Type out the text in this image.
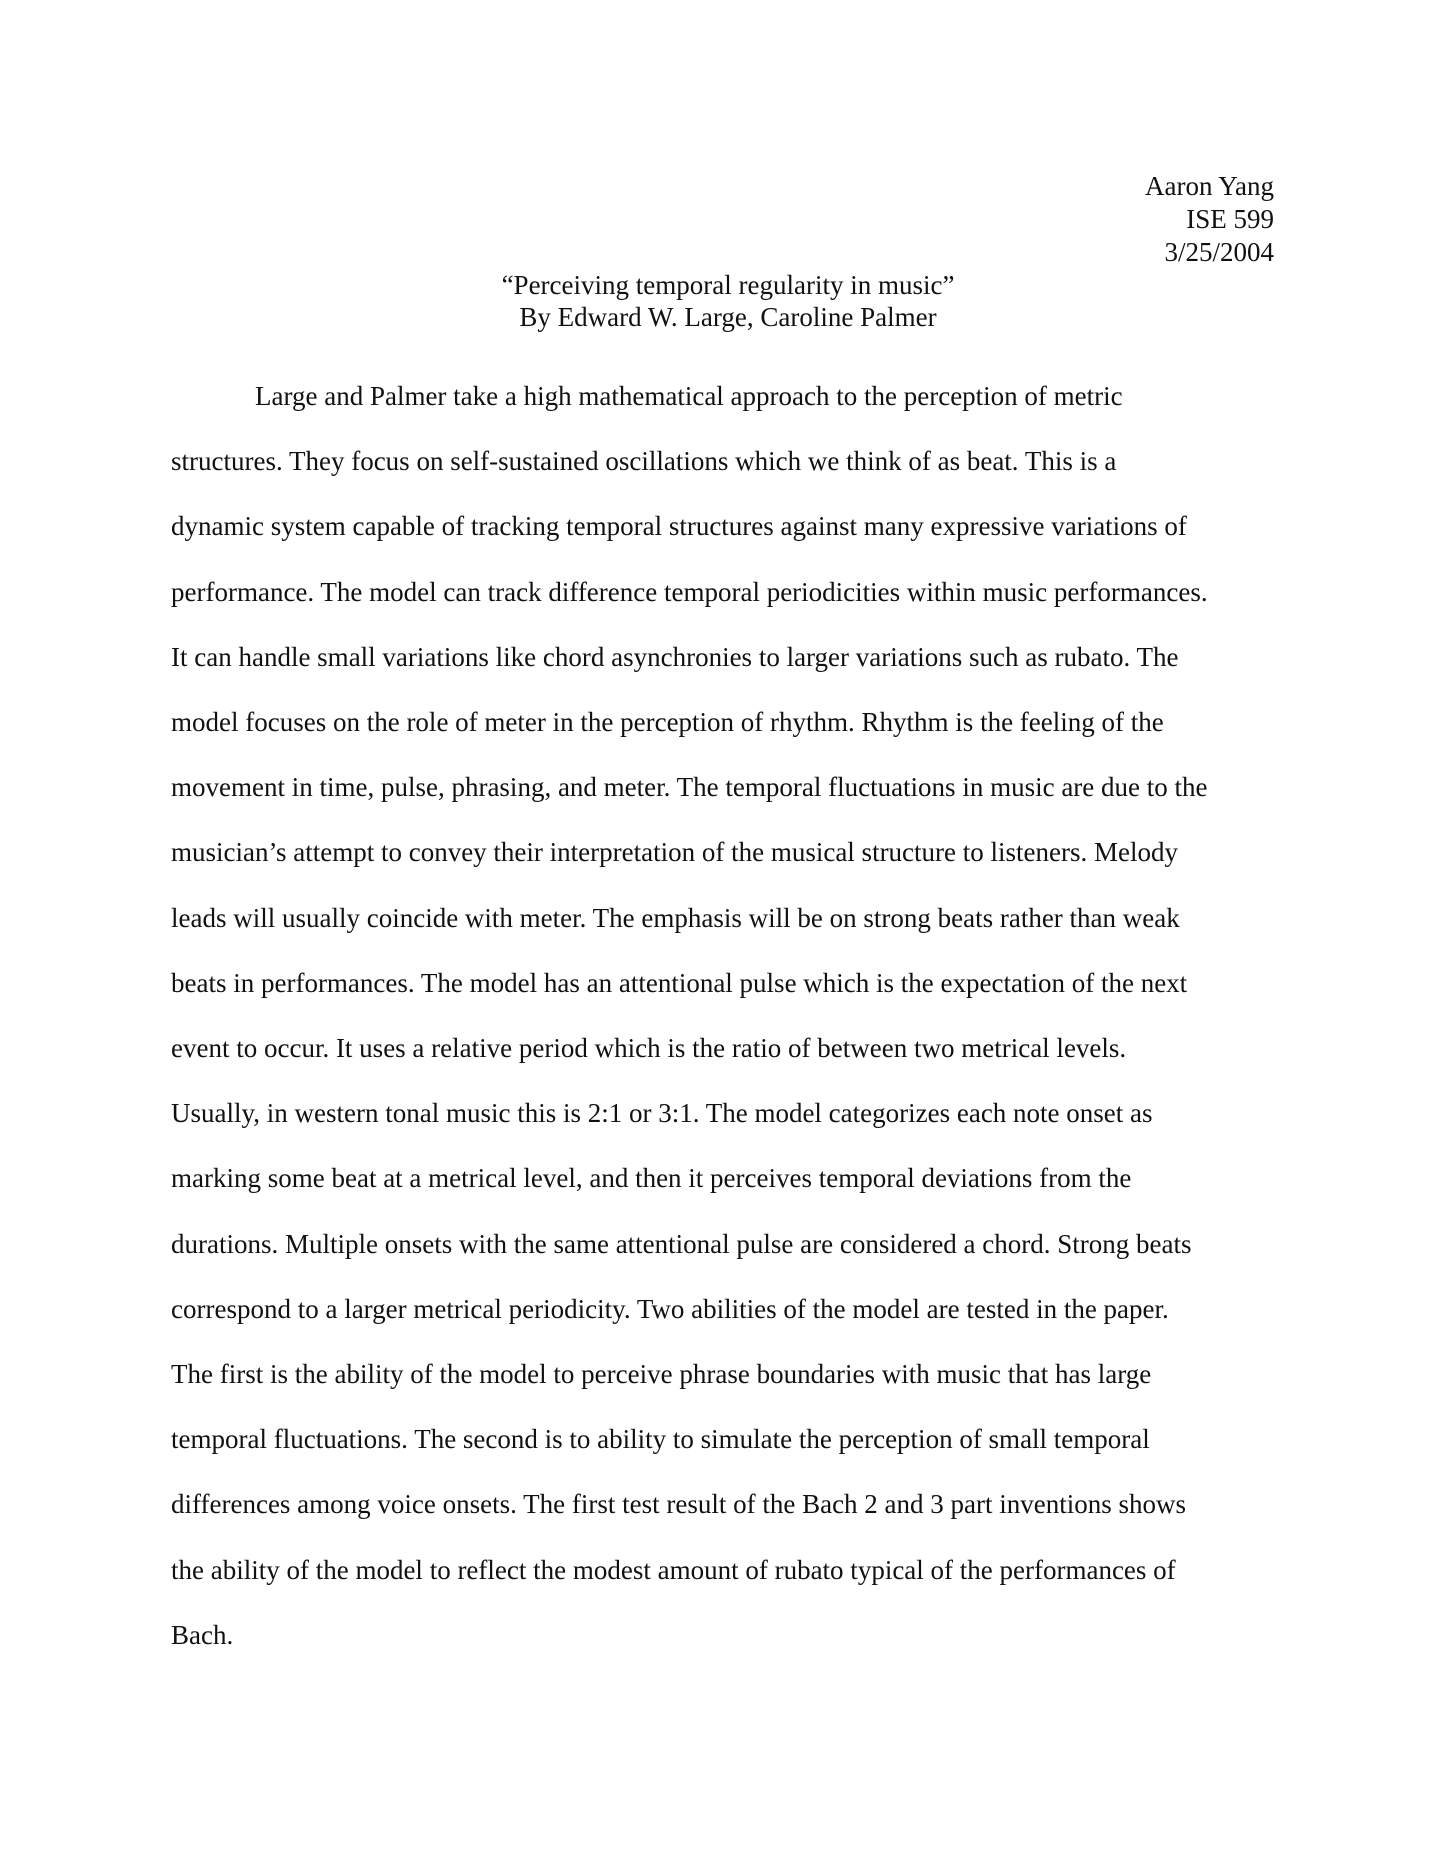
Aaron Yang
ISE 599
3/25/2004
“Perceiving temporal regularity in music”
By Edward W. Large, Caroline Palmer
Large and Palmer take a high mathematical approach to the perception of metric
structures. They focus on self-sustained oscillations which we think of as beat. This is a
dynamic system capable of tracking temporal structures against many expressive variations of
performance. The model can track difference temporal periodicities within music performances.
It can handle small variations like chord asynchronies to larger variations such as rubato. The
model focuses on the role of meter in the perception of rhythm. Rhythm is the feeling of the
movement in time, pulse, phrasing, and meter. The temporal fluctuations in music are due to the
musician’s attempt to convey their interpretation of the musical structure to listeners. Melody
leads will usually coincide with meter. The emphasis will be on strong beats rather than weak
beats in performances. The model has an attentional pulse which is the expectation of the next
event to occur. It uses a relative period which is the ratio of between two metrical levels.
Usually, in western tonal music this is 2:1 or 3:1. The model categorizes each note onset as
marking some beat at a metrical level, and then it perceives temporal deviations from the
durations. Multiple onsets with the same attentional pulse are considered a chord. Strong beats
correspond to a larger metrical periodicity. Two abilities of the model are tested in the paper.
The first is the ability of the model to perceive phrase boundaries with music that has large
temporal fluctuations. The second is to ability to simulate the perception of small temporal
differences among voice onsets. The first test result of the Bach 2 and 3 part inventions shows
the ability of the model to reflect the modest amount of rubato typical of the performances of
Bach.
